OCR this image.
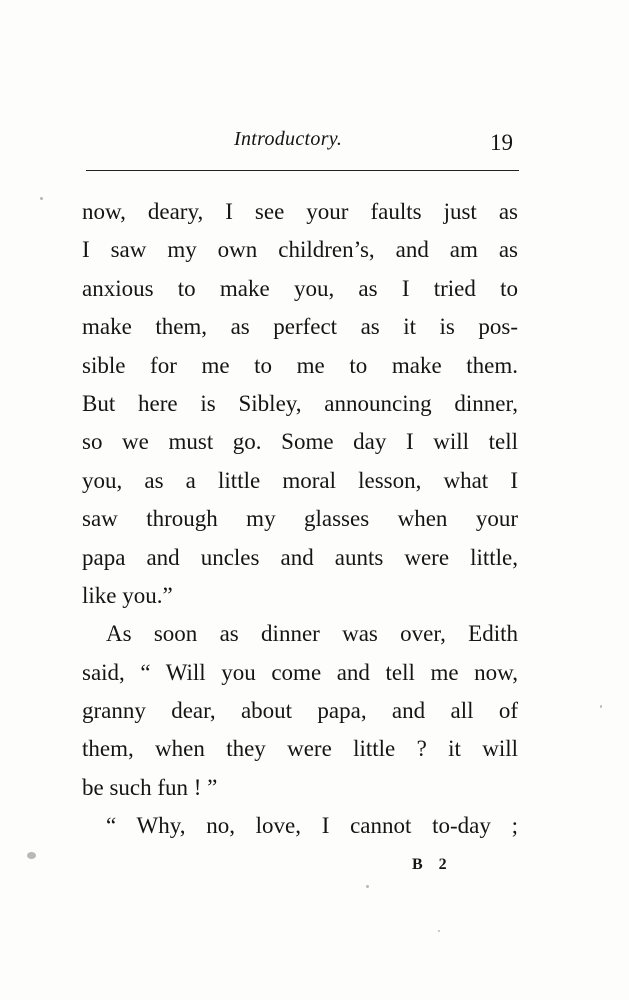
Introductory.	19
now, deary, I see your faults just as
I saw my own children’s, and am as
anxious to make you, as I tried to
make them, as perfect as it is pos-
sible for me to me to make them.
But here is Sibley, announcing dinner,
so we must go. Some day I will tell
you, as a little moral lesson, what I
saw through my glasses when your
papa and uncles and aunts were little,
like you.”
As soon as dinner was over, Edith
said, “ Will you come and tell me now,
granny dear, about papa, and all of
them, when they were little ? it will
be such fun ! ”
“ Why, no, love, I cannot to-day ;
B 2
